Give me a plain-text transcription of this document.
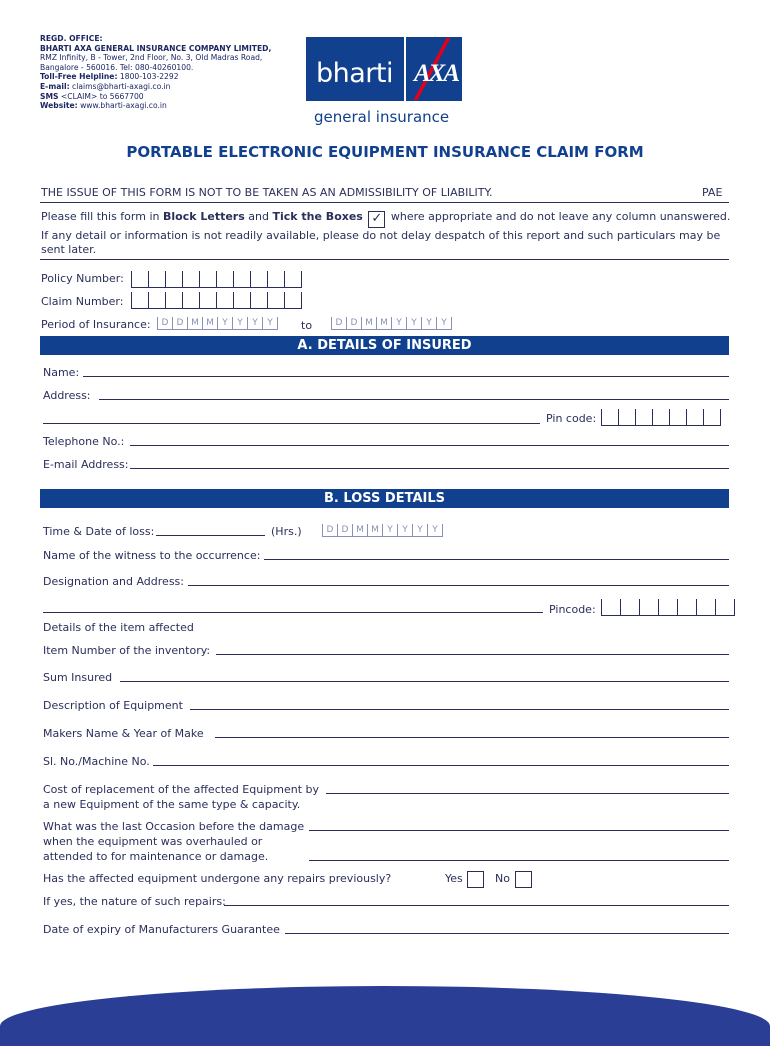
REGD. OFFICE:
BHARTI AXA GENERAL INSURANCE COMPANY LIMITED,
RMZ Infinity, B - Tower, 2nd Floor, No. 3, Old Madras Road,
Bangalore - 560016. Tel: 080-40260100.
Toll-Free Helpline: 1800-103-2292
E-mail: claims@bharti-axagi.co.in
SMS <CLAIM> to 5667700
Website: www.bharti-axagi.co.in
bharti AXA
general insurance
PORTABLE ELECTRONIC EQUIPMENT INSURANCE CLAIM FORM
THE ISSUE OF THIS FORM IS NOT TO BE TAKEN AS AN ADMISSIBILITY OF LIABILITY.	PAE
Please fill this form in Block Letters and Tick the Boxes ✓ where appropriate and do not leave any column unanswered.
If any detail or information is not readily available, please do not delay despatch of this report and such particulars may be
sent later.
Policy Number:
Claim Number:
Period of Insurance:	D D M M Y	Y	Y	Y	to	D D M M Y	Y	Y	Y
A. DETAILS OF INSURED
Name:
Address:
Pin code:
Telephone No.:
E-mail Address:
B. LOSS DETAILS
Time & Date of loss:	(Hrs.)	D D M M Y	Y	Y	Y
Name of the witness to the occurrence:
Designation and Address:
Pincode:
Details of the item affected
Item Number of the inventory:
Sum Insured
Description of Equipment
Makers Name & Year of Make
Sl. No./Machine No.
Cost of replacement of the affected Equipment by
a new Equipment of the same type & capacity.
What was the last Occasion before the damage
when the equipment was overhauled or
attended to for maintenance or damage.
Has the affected equipment undergone any repairs previously?	Yes	No
If yes, the nature of such repairs:
Date of expiry of Manufacturers Guarantee
